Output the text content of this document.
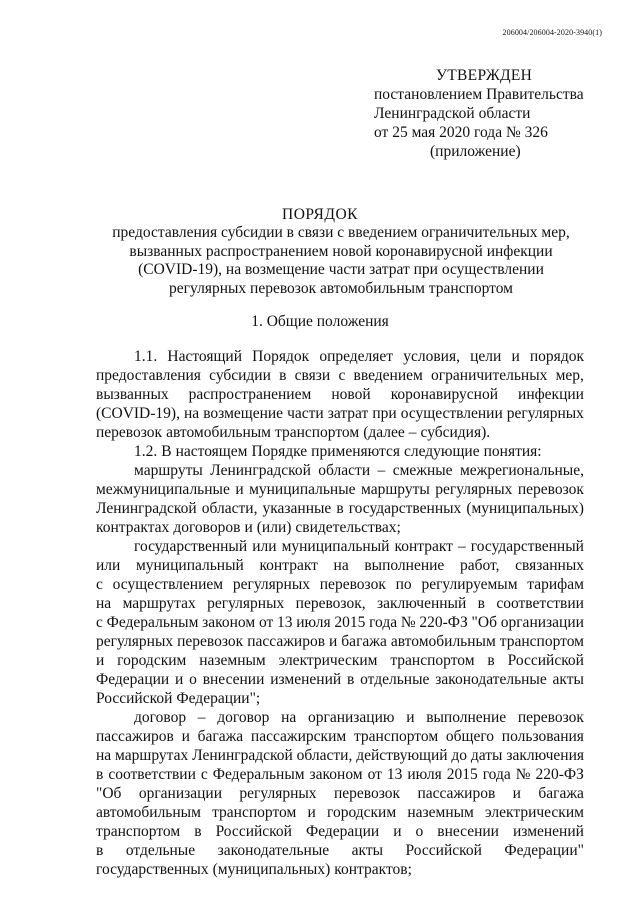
206004/206004-2020-3940(1)
УТВЕРЖДЕН
постановлением Правительства
Ленинградской области
от 25 мая 2020 года № 326
(приложение)
ПОРЯДОК
предоставления субсидии в связи с введением ограничительных мер,
вызванных распространением новой коронавирусной инфекции
(COVID-19), на возмещение части затрат при осуществлении
регулярных перевозок автомобильным транспортом
1. Общие положения
1.1. Настоящий Порядок определяет условия, цели и порядок
предоставления субсидии в связи с введением ограничительных мер,
вызванных распространением новой коронавирусной инфекции
(COVID-19), на возмещение части затрат при осуществлении регулярных
перевозок автомобильным транспортом (далее – субсидия).
1.2. В настоящем Порядке применяются следующие понятия:
маршруты Ленинградской области – смежные межрегиональные,
межмуниципальные и муниципальные маршруты регулярных перевозок
Ленинградской области, указанные в государственных (муниципальных)
контрактах договоров и (или) свидетельствах;
государственный или муниципальный контракт – государственный
или муниципальный контракт на выполнение работ, связанных
с осуществлением регулярных перевозок по регулируемым тарифам
на маршрутах регулярных перевозок, заключенный в соответствии
с Федеральным законом от 13 июля 2015 года № 220-ФЗ "Об организации
регулярных перевозок пассажиров и багажа автомобильным транспортом
и городским наземным электрическим транспортом в Российской
Федерации и о внесении изменений в отдельные законодательные акты
Российской Федерации";
договор – договор на организацию и выполнение перевозок
пассажиров и багажа пассажирским транспортом общего пользования
на маршрутах Ленинградской области, действующий до даты заключения
в соответствии с Федеральным законом от 13 июля 2015 года № 220-ФЗ
"Об организации регулярных перевозок пассажиров и багажа
автомобильным транспортом и городским наземным электрическим
транспортом в Российской Федерации и о внесении изменений
в отдельные законодательные акты Российской Федерации"
государственных (муниципальных) контрактов;
